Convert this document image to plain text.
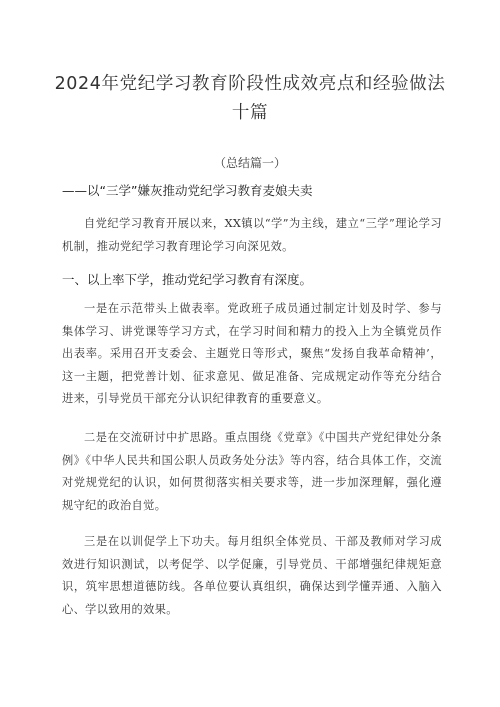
2024年党纪学习教育阶段性成效亮点和经验做法十篇
（总结篇一）
——以“三学”嫌灰推动党纪学习教育麦娘夫卖

自党纪学习教育开展以来，XX镇以“学”为主线，建立“三学”理论学习机制，推动党纪学习教育理论学习向深见效。

一、以上率下学，推动党纪学习教育有深度。

一是在示范带头上做表率。党政班子成员通过制定计划及时学、参与集体学习、讲党课等学习方式，在学习时间和精力的投入上为全镇党员作出表率。采用召开支委会、主题党日等形式，聚焦“发扬自我革命精神’，这一主题，把党善计划、征求意见、做足准备、完成规定动作等充分结合进来，引导党员干部充分认识纪律教育的重要意义。

二是在交流研讨中扩思路。重点围绕《党章》《中国共产党纪律处分条例》《中华人民共和国公职人员政务处分法》等内容，结合具体工作，交流对党规党纪的认识，如何贯彻落实相关要求等，进一步加深理解，强化遵规守纪的政治自觉。

三是在以训促学上下功夫。每月组织全体党员、干部及教师对学习成效进行知识测试，以考促学、以学促廉，引导党员、干部增强纪律规矩意识，筑牢思想道德防线。各单位要认真组织，确保达到学懂弄通、入脑入心、学以致用的效果。
